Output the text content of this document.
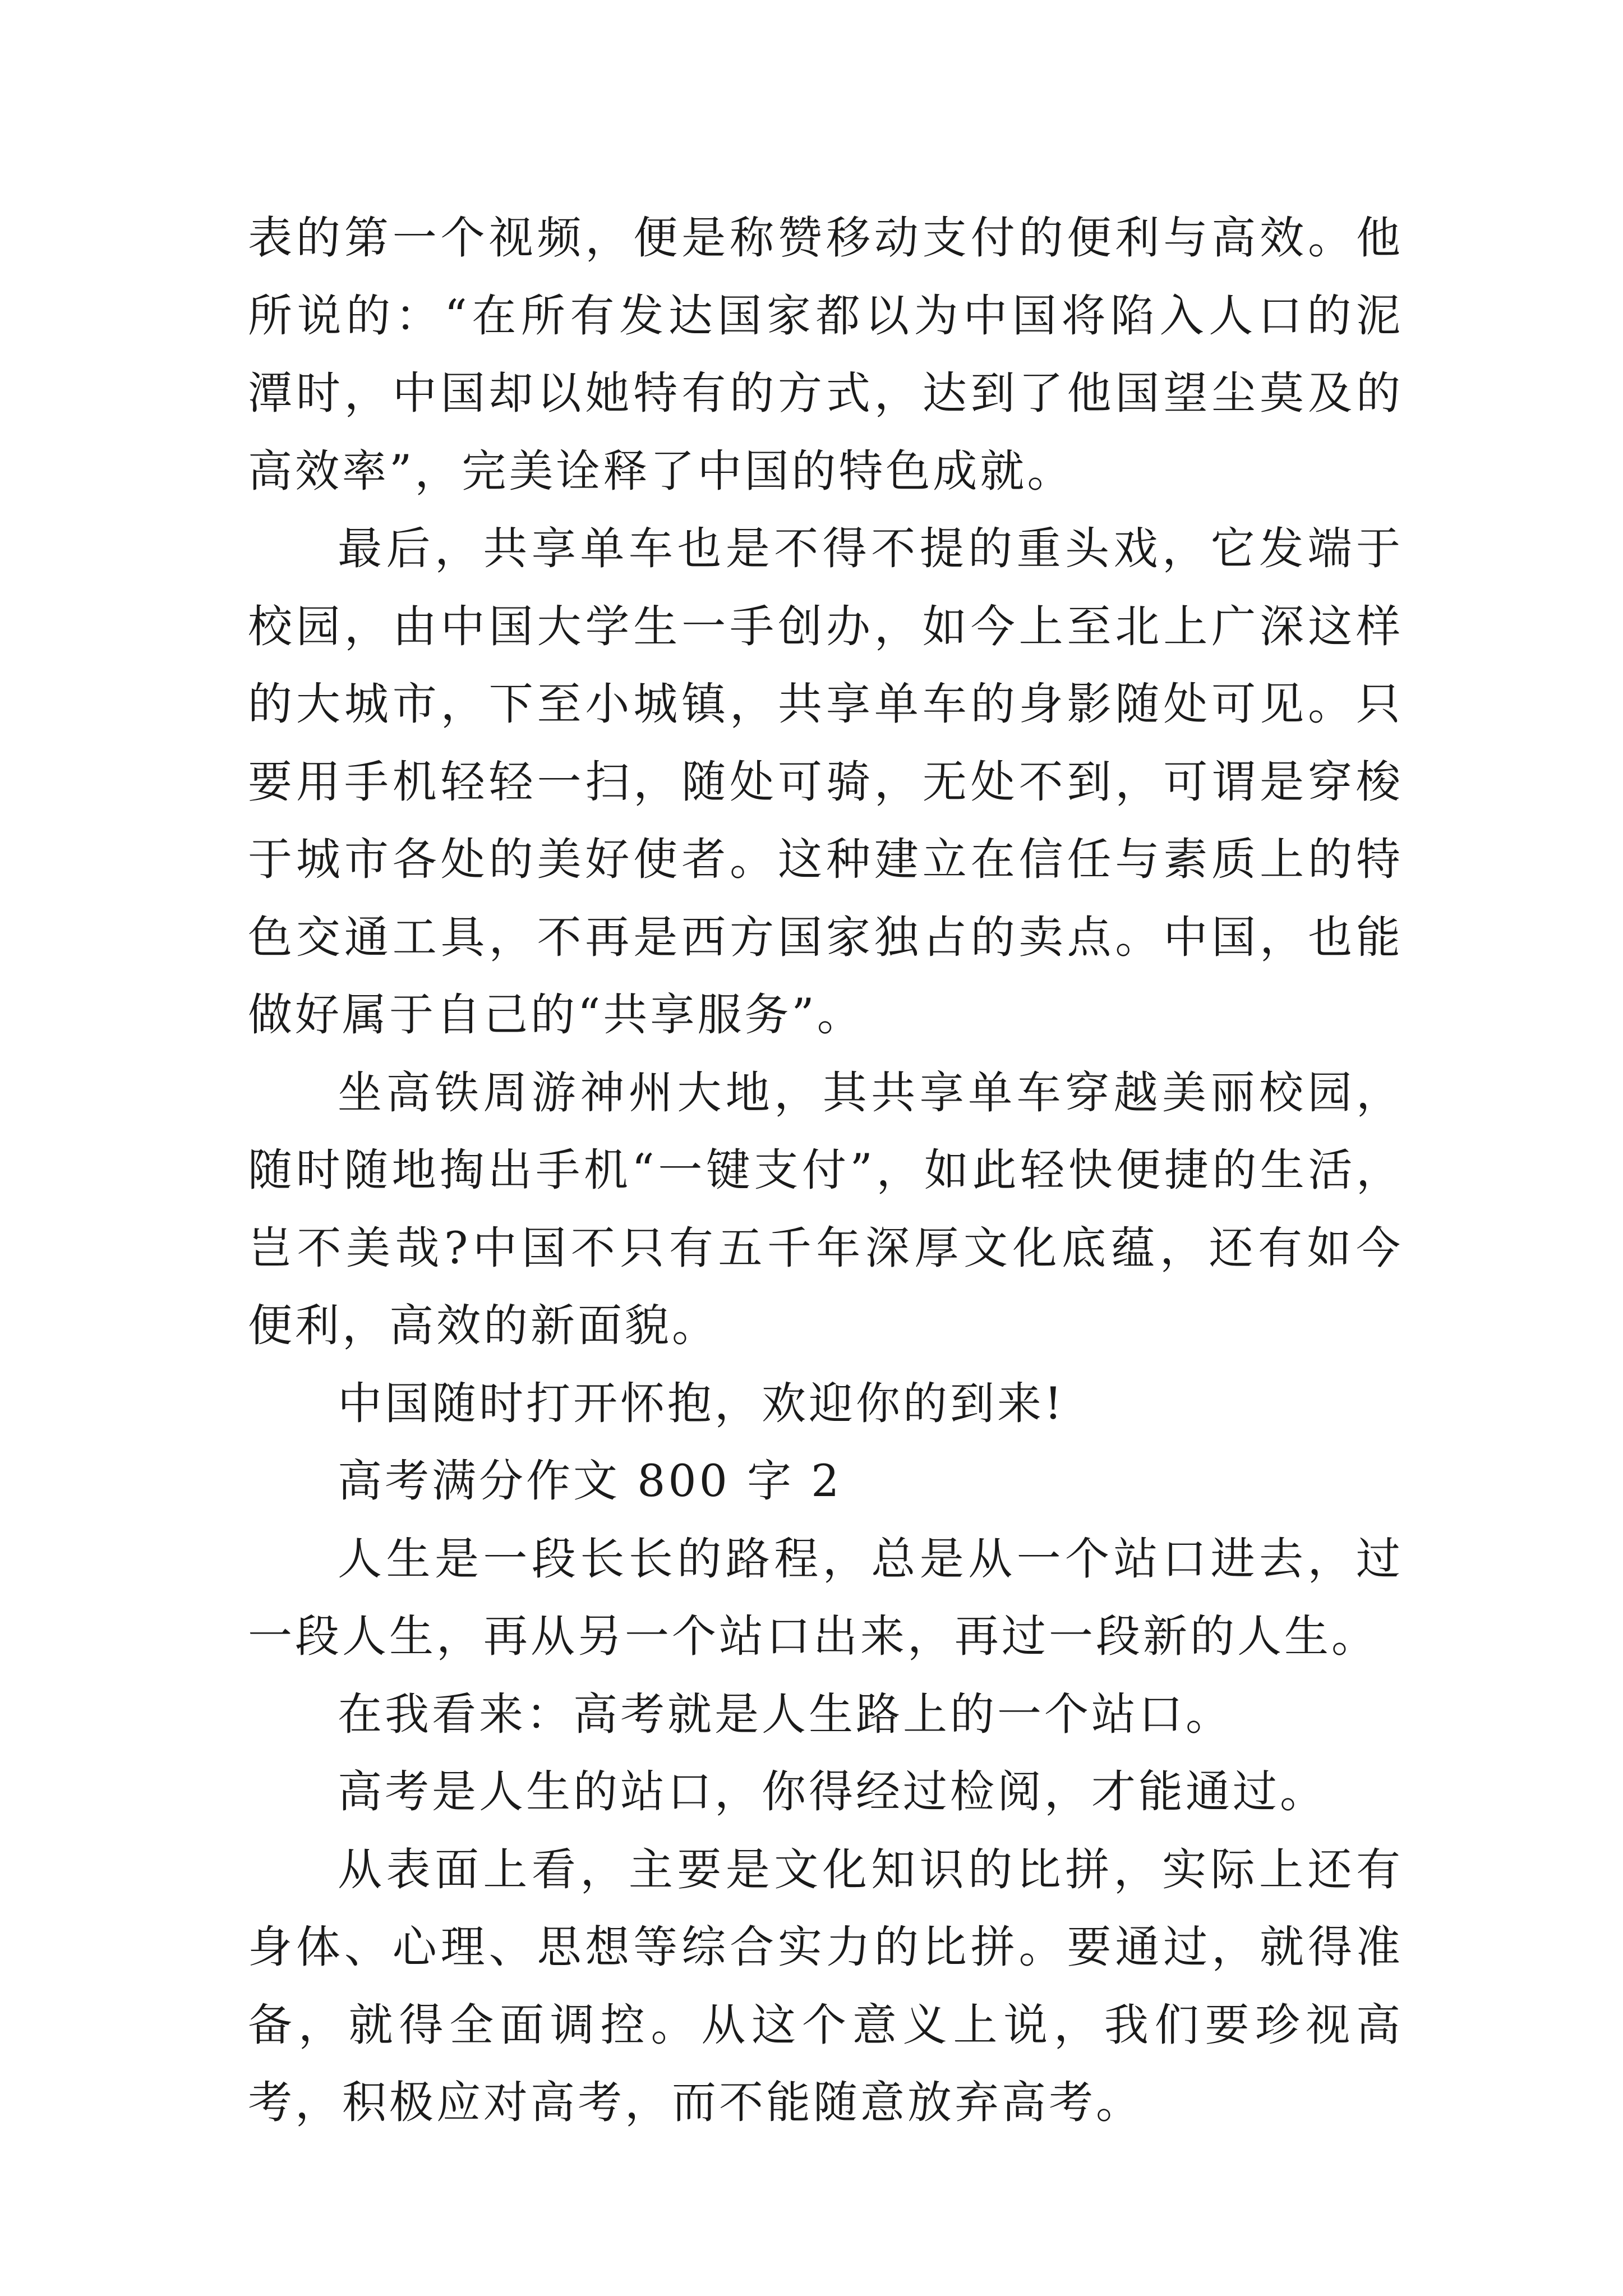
表的第一个视频，便是称赞移动支付的便利与高效。他所说的：“在所有发达国家都以为中国将陷入人口的泥潭时，中国却以她特有的方式，达到了他国望尘莫及的高效率”，完美诠释了中国的特色成就。

最后，共享单车也是不得不提的重头戏，它发端于校园，由中国大学生一手创办，如今上至北上广深这样的大城市，下至小城镇，共享单车的身影随处可见。只要用手机轻轻一扫，随处可骑，无处不到，可谓是穿梭于城市各处的美好使者。这种建立在信任与素质上的特色交通工具，不再是西方国家独占的卖点。中国，也能做好属于自己的“共享服务”。

坐高铁周游神州大地，其共享单车穿越美丽校园，随时随地掏出手机“一键支付”，如此轻快便捷的生活，岂不美哉?中国不只有五千年深厚文化底蕴，还有如今便利，高效的新面貌。

中国随时打开怀抱，欢迎你的到来!

高考满分作文 800 字 2

人生是一段长长的路程，总是从一个站口进去，过一段人生，再从另一个站口出来，再过一段新的人生。

在我看来：高考就是人生路上的一个站口。

高考是人生的站口，你得经过检阅，才能通过。

从表面上看，主要是文化知识的比拼，实际上还有身体、心理、思想等综合实力的比拼。要通过，就得准备，就得全面调控。从这个意义上说，我们要珍视高考，积极应对高考，而不能随意放弃高考。
